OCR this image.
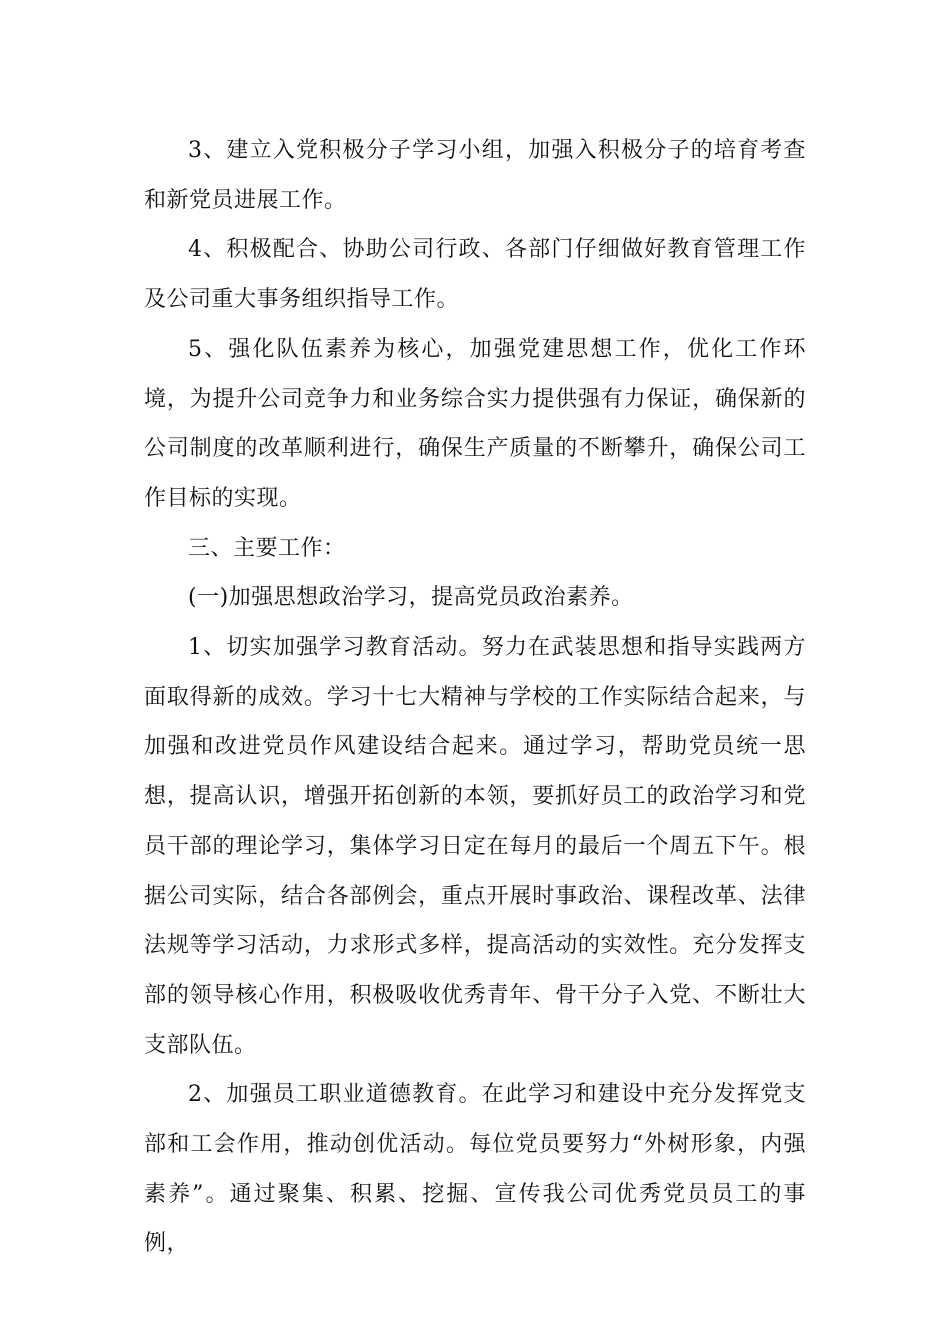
3、建立入党积极分子学习小组，加强入积极分子的培育考查和新党员进展工作。

4、积极配合、协助公司行政、各部门仔细做好教育管理工作及公司重大事务组织指导工作。

5、强化队伍素养为核心，加强党建思想工作，优化工作环境，为提升公司竞争力和业务综合实力提供强有力保证，确保新的公司制度的改革顺利进行，确保生产质量的不断攀升，确保公司工作目标的实现。

三、主要工作：

(一)加强思想政治学习，提高党员政治素养。

1、切实加强学习教育活动。努力在武装思想和指导实践两方面取得新的成效。学习十七大精神与学校的工作实际结合起来，与加强和改进党员作风建设结合起来。通过学习，帮助党员统一思想，提高认识，增强开拓创新的本领，要抓好员工的政治学习和党员干部的理论学习，集体学习日定在每月的最后一个周五下午。根据公司实际，结合各部例会，重点开展时事政治、课程改革、法律法规等学习活动，力求形式多样，提高活动的实效性。充分发挥支部的领导核心作用，积极吸收优秀青年、骨干分子入党、不断壮大支部队伍。

2、加强员工职业道德教育。在此学习和建设中充分发挥党支部和工会作用，推动创优活动。每位党员要努力“外树形象，内强素养”。通过聚集、积累、挖掘、宣传我公司优秀党员员工的事例，
